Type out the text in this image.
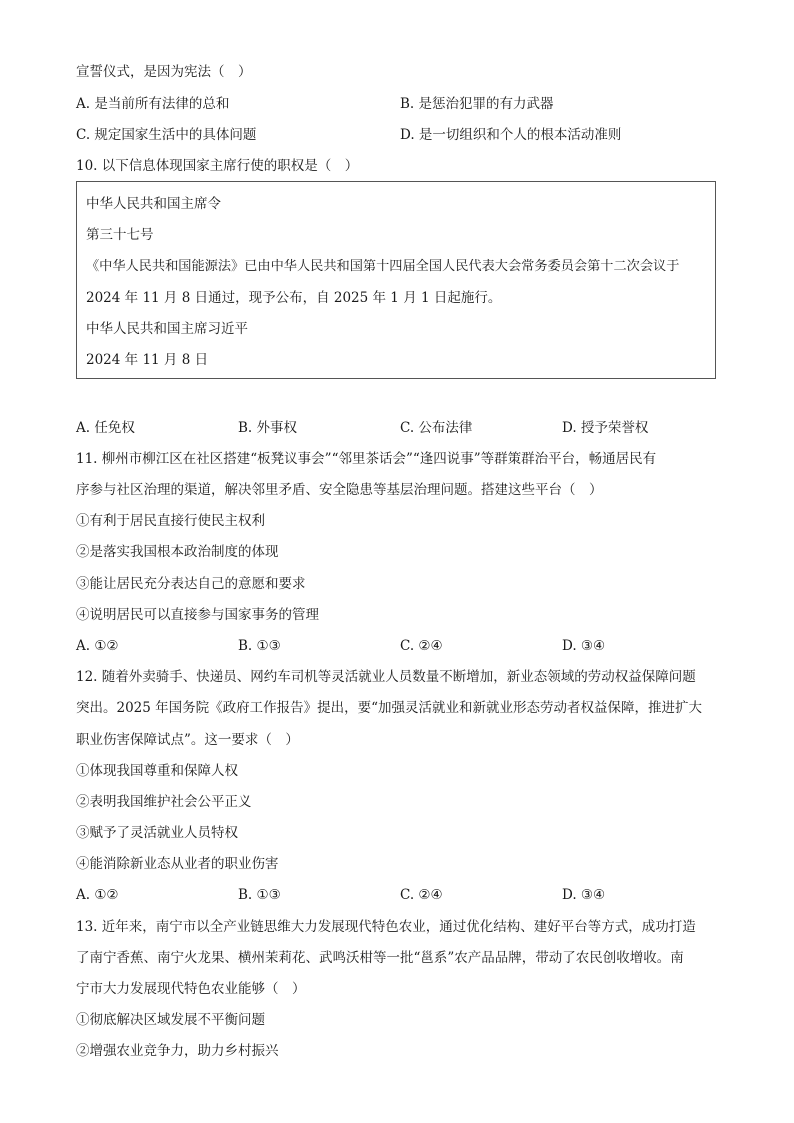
宣誓仪式，是因为宪法（　）
A. 是当前所有法律的总和	B. 是惩治犯罪的有力武器
C. 规定国家生活中的具体问题	D. 是一切组织和个人的根本活动准则
10. 以下信息体现国家主席行使的职权是（　）
中华人民共和国主席令
第三十七号
《中华人民共和国能源法》已由中华人民共和国第十四届全国人民代表大会常务委员会第十二次会议于
2024 年 11 月 8 日通过，现予公布，自 2025 年 1 月 1 日起施行。
中华人民共和国主席习近平
2024 年 11 月 8 日
A. 任免权	B. 外事权	C. 公布法律	D. 授予荣誉权
11. 柳州市柳江区在社区搭建“板凳议事会”“邻里茶话会”“逢四说事”等群策群治平台，畅通居民有
序参与社区治理的渠道，解决邻里矛盾、安全隐患等基层治理问题。搭建这些平台（　）
①有利于居民直接行使民主权利
②是落实我国根本政治制度的体现
③能让居民充分表达自己的意愿和要求
④说明居民可以直接参与国家事务的管理
A. ①②	B. ①③	C. ②④	D. ③④
12. 随着外卖骑手、快递员、网约车司机等灵活就业人员数量不断增加，新业态领域的劳动权益保障问题
突出。2025 年国务院《政府工作报告》提出，要“加强灵活就业和新就业形态劳动者权益保障，推进扩大
职业伤害保障试点”。这一要求（　）
①体现我国尊重和保障人权
②表明我国维护社会公平正义
③赋予了灵活就业人员特权
④能消除新业态从业者的职业伤害
A. ①②	B. ①③	C. ②④	D. ③④
13. 近年来，南宁市以全产业链思维大力发展现代特色农业，通过优化结构、建好平台等方式，成功打造
了南宁香蕉、南宁火龙果、横州茉莉花、武鸣沃柑等一批“邕系”农产品品牌，带动了农民创收增收。南
宁市大力发展现代特色农业能够（　）
①彻底解决区域发展不平衡问题
②增强农业竞争力，助力乡村振兴
